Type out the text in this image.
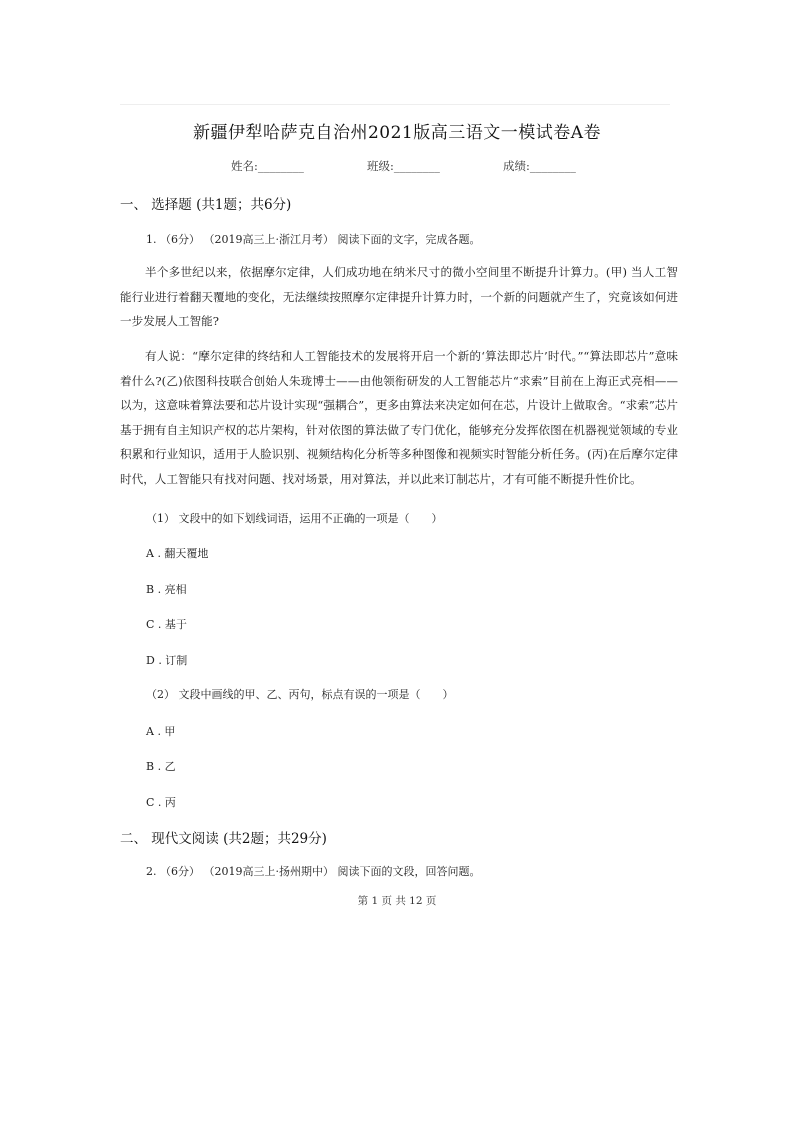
新疆伊犁哈萨克自治州2021版高三语文一模试卷A卷
姓名:________	班级:________	成绩:________
一、 选择题 (共1题；共6分)
1. （6分） （2019高三上·浙江月考） 阅读下面的文字，完成各题。
半个多世纪以来，依据摩尔定律，人们成功地在纳米尺寸的微小空间里不断提升计算力。(甲) 当人工智能行业进行着翻天覆地的变化，无法继续按照摩尔定律提升计算力时，一个新的问题就产生了，究竟该如何进一步发展人工智能?
有人说：“摩尔定律的终结和人工智能技术的发展将开启一个新的‘算法即芯片’时代。”“算法即芯片”意味着什么?(乙)依图科技联合创始人朱珑博士——由他领衔研发的人工智能芯片“求索”目前在上海正式亮相——以为，这意味着算法要和芯片设计实现“强耦合”，更多由算法来决定如何在芯，片设计上做取舍。“求索”芯片基于拥有自主知识产权的芯片架构，针对依图的算法做了专门优化，能够充分发挥依图在机器视觉领域的专业积累和行业知识，适用于人脸识别、视频结构化分析等多种图像和视频实时智能分析任务。(丙)在后摩尔定律时代，人工智能只有找对问题、找对场景，用对算法，并以此来订制芯片，才有可能不断提升性价比。
（1） 文段中的如下划线词语，运用不正确的一项是（　　）
A . 翻天覆地
B . 亮相
C . 基于
D . 订制
（2） 文段中画线的甲、乙、丙句，标点有误的一项是（　　）
A . 甲
B . 乙
C . 丙
二、 现代文阅读 (共2题；共29分)
2. （6分） （2019高三上·扬州期中） 阅读下面的文段，回答问题。
第 1 页 共 12 页
